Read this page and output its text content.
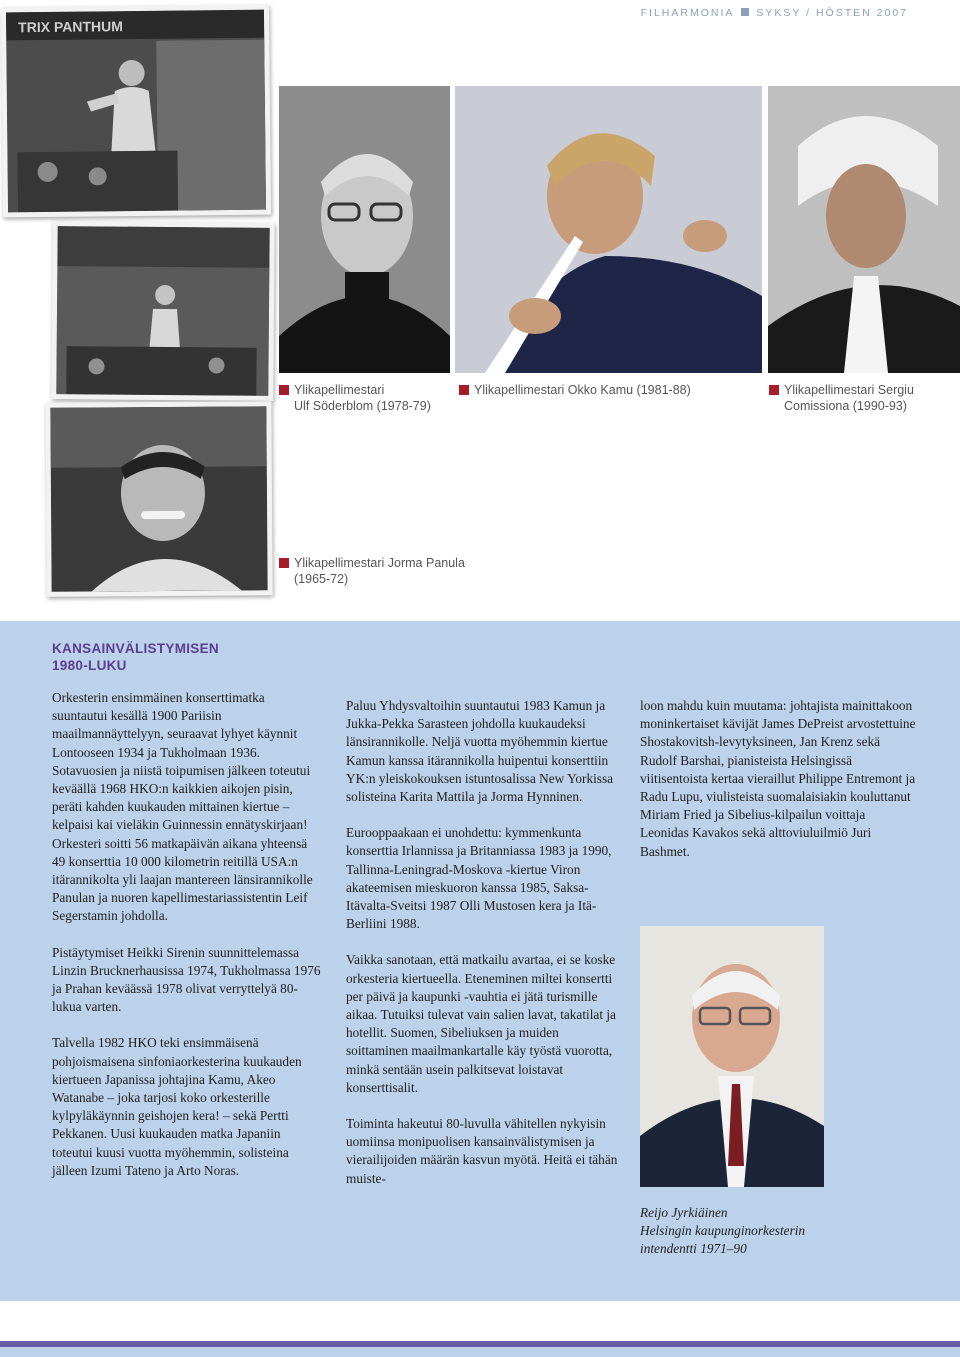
FILHARMONIA SYKSY / HÖSTEN 2007
TRIX PANTHUM
Ylikapellimestari
Ulf Söderblom (1978-79)
Ylikapellimestari Okko Kamu (1981-88)	Ylikapellimestari Sergiu
Comissiona (1990-93)
Ylikapellimestari Jorma Panula
(1965-72)
KANSAINVÄLISTYMISEN
1980-LUKU

Orkesterin ensimmäinen konserttimatka suuntautui kesällä 1900 Pariisin maailmannäyttelyyn, seuraavat lyhyet käynnit Lontooseen 1934 ja Tukholmaan 1936. Sotavuosien ja niistä toipumisen jälkeen toteutui keväällä 1968 HKO:n kaikkien aikojen pisin, peräti kahden kuukauden mittainen kiertue – kelpaisi kai vieläkin Guinnessin ennätyskirjaan! Orkesteri soitti 56 matkapäivän aikana yhteensä 49 konserttia 10 000 kilometrin reitillä USA:n itärannikolta yli laajan mantereen länsirannikolle Panulan ja nuoren kapellimestariassistentin Leif Segerstamin johdolla.

Pistäytymiset Heikki Sirenin suunnittelemassa Linzin Brucknerhausissa 1974, Tukholmassa 1976 ja Prahan keväässä 1978 olivat verryttelyä 80-lukua varten.

Talvella 1982 HKO teki ensimmäisenä pohjoismaisena sinfoniaorkesterina kuukauden kiertueen Japanissa johtajina Kamu, Akeo Watanabe – joka tarjosi koko orkesterille kylpyläkäynnin geishojen kera! – sekä Pertti Pekkanen. Uusi kuukauden matka Japaniin toteutui kuusi vuotta myöhemmin, solisteina jälleen Izumi Tateno ja Arto Noras.

Paluu Yhdysvaltoihin suuntautui 1983 Kamun ja Jukka-Pekka Sarasteen johdolla kuukaudeksi länsirannikolle. Neljä vuotta myöhemmin kiertue Kamun kanssa itärannikolla huipentui konserttiin YK:n yleiskokouksen istuntosalissa New Yorkissa solisteina Karita Mattila ja Jorma Hynninen.

Eurooppaakaan ei unohdettu: kymmenkunta konserttia Irlannissa ja Britanniassa 1983 ja 1990, Tallinna-Leningrad-Moskova -kiertue Viron akateemisen mieskuoron kanssa 1985, Saksa-Itävalta-Sveitsi 1987 Olli Mustosen kera ja Itä-Berliini 1988.

Vaikka sanotaan, että matkailu avartaa, ei se koske orkesteria kiertueella. Eteneminen miltei konsertti per päivä ja kaupunki -vauhtia ei jätä turismille aikaa. Tutuiksi tulevat vain salien lavat, takatilat ja hotellit. Suomen, Sibeliuksen ja muiden soittaminen maailmankartalle käy työstä vuorotta, minkä sentään usein palkitsevat loistavat konserttisalit.

Toiminta hakeutui 80-luvulla vähitellen nykyisin uomiinsa monipuolisen kansainvälistymisen ja vierailijoiden määrän kasvun myötä. Heitä ei tähän muiste-

loon mahdu kuin muutama: johtajista mainittakoon moninkertaiset kävijät James DePreist arvostettuine Shostakovitsh-levytyksineen, Jan Krenz sekä Rudolf Barshai, pianisteista Helsingissä viitisentoista kertaa vieraillut Philippe Entremont ja Radu Lupu, viulisteista suomalaisiakin kouluttanut Miriam Fried ja Sibelius-kilpailun voittaja Leonidas Kavakos sekä alttoviuluilmiö Juri Bashmet.

Reijo Jyrkiäinen
Helsingin kaupunginorkesterin
intendentti 1971–90
